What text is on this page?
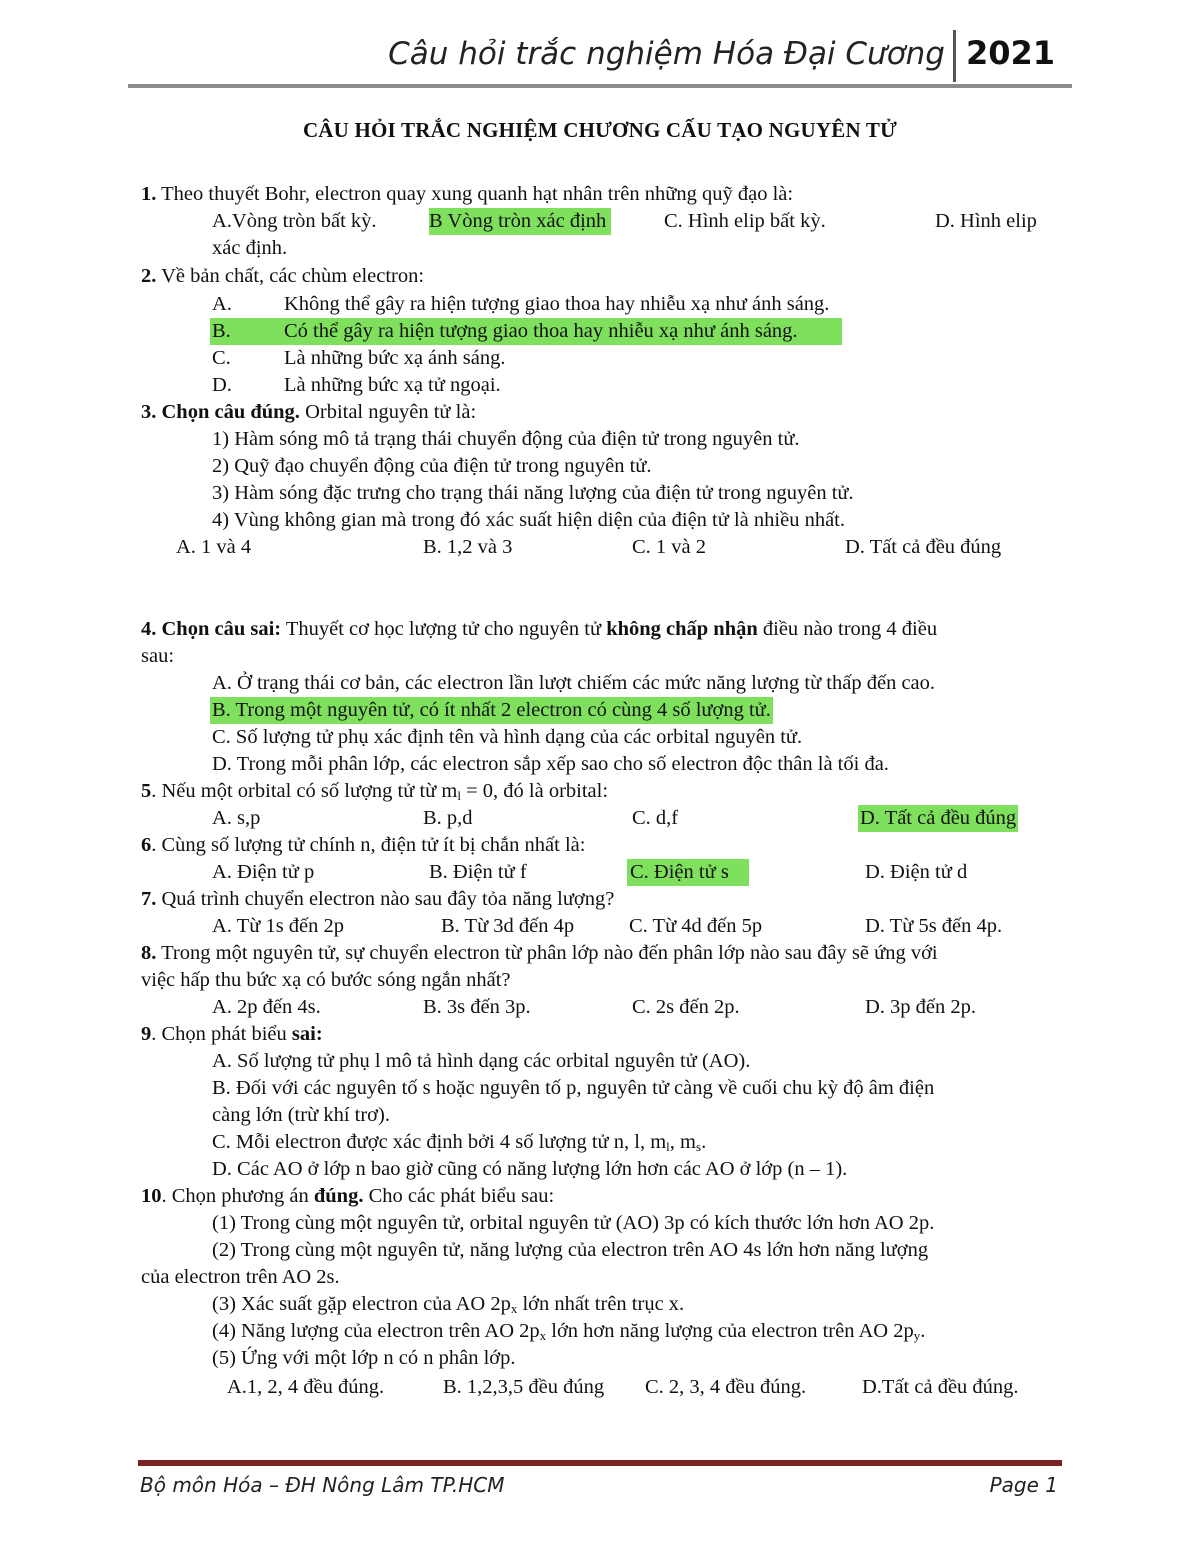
Câu hỏi trắc nghiệm Hóa Đại Cương 2021
CÂU HỎI TRẮC NGHIỆM CHƯƠNG CẤU TẠO NGUYÊN TỬ
1. Theo thuyết Bohr, electron quay xung quanh hạt nhân trên những quỹ đạo là:
A.Vòng tròn bất kỳ.	B Vòng tròn xác định	C. Hình elip bất kỳ.	D. Hình elip
xác định.
2. Về bản chất, các chùm electron:
A.	Không thể gây ra hiện tượng giao thoa hay nhiễu xạ như ánh sáng.
B.	Có thể gây ra hiện tượng giao thoa hay nhiễu xạ như ánh sáng.
C.	Là những bức xạ ánh sáng.
D.	Là những bức xạ tử ngoại.
3. Chọn câu đúng. Orbital nguyên tử là:
1) Hàm sóng mô tả trạng thái chuyển động của điện tử trong nguyên tử.
2) Quỹ đạo chuyển động của điện tử trong nguyên tử.
3) Hàm sóng đặc trưng cho trạng thái năng lượng của điện tử trong nguyên tử.
4) Vùng không gian mà trong đó xác suất hiện diện của điện tử là nhiều nhất.
A. 1 và 4	B. 1,2 và 3	C. 1 và 2	D. Tất cả đều đúng
4. Chọn câu sai: Thuyết cơ học lượng tử cho nguyên tử không chấp nhận điều nào trong 4 điều
sau:
A. Ở trạng thái cơ bản, các electron lần lượt chiếm các mức năng lượng từ thấp đến cao.
B. Trong một nguyên tử, có ít nhất 2 electron có cùng 4 số lượng tử.
C. Số lượng tử phụ xác định tên và hình dạng của các orbital nguyên tử.
D. Trong mỗi phân lớp, các electron sắp xếp sao cho số electron độc thân là tối đa.
5. Nếu một orbital có số lượng tử từ $m_l = 0$, đó là orbital:
A. s,p	B. p,d	C. d,f	D. Tất cả đều đúng
6. Cùng số lượng tử chính n, điện tử ít bị chắn nhất là:
A. Điện tử p	B. Điện tử f	C. Điện tử s	D. Điện tử d
7. Quá trình chuyển electron nào sau đây tỏa năng lượng?
A. Từ 1s đến 2p	B. Từ 3d đến 4p	C. Từ 4d đến 5p	D. Từ 5s đến 4p.
8. Trong một nguyên tử, sự chuyển electron từ phân lớp nào đến phân lớp nào sau đây sẽ ứng với
việc hấp thu bức xạ có bước sóng ngắn nhất?
A. 2p đến 4s.	B. 3s đến 3p.	C. 2s đến 2p.	D. 3p đến 2p.
9. Chọn phát biểu sai:
A. Số lượng tử phụ l mô tả hình dạng các orbital nguyên tử (AO).
B. Đối với các nguyên tố s hoặc nguyên tố p, nguyên tử càng về cuối chu kỳ độ âm điện
càng lớn (trừ khí trơ).
C. Mỗi electron được xác định bởi 4 số lượng tử n, l, $m_l$, $m_s$.
D. Các AO ở lớp n bao giờ cũng có năng lượng lớn hơn các AO ở lớp (n – 1).
10. Chọn phương án đúng. Cho các phát biểu sau:
(1) Trong cùng một nguyên tử, orbital nguyên tử (AO) 3p có kích thước lớn hơn AO 2p.
(2) Trong cùng một nguyên tử, năng lượng của electron trên AO 4s lớn hơn năng lượng
của electron trên AO 2s.
(3) Xác suất gặp electron của AO $2p_x$ lớn nhất trên trục x.
(4) Năng lượng của electron trên AO $2p_x$ lớn hơn năng lượng của electron trên AO $2p_y$.
(5) Ứng với một lớp n có n phân lớp.
A.1, 2, 4 đều đúng.	B. 1,2,3,5 đều đúng C. 2, 3, 4 đều đúng.	D.Tất cả đều đúng.
Bộ môn Hóa – ĐH Nông Lâm TP.HCM	Page 1
